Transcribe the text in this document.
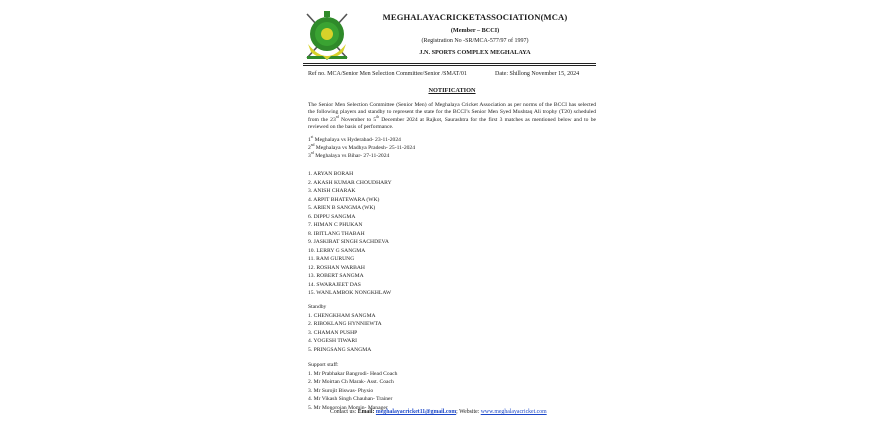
MEGHALAYACRICKETASSOCIATION(MCA)
(Member – BCCI)
(Registration No -SR/MCA-577/97 of 1997)
J.N. SPORTS COMPLEX MEGHALAYA
Ref no. MCA/Senior Men Selection Committee/Senior /SMAT/01	Date: Shillong November 15, 2024
NOTIFICATION
The Senior Men Selection Committee (Senior Men) of Meghalaya Cricket Association as per norms of the BCCI has selected the following players and standby to represent the state for the BCCI’s Senior Men Syed Mushtaq Ali trophy (T20) scheduled from the 23rd November to 5th December 2024 at Rajkot, Saurashtra for the first 3 matches as mentioned below and to be reviewed on the basis of performance.
1st Meghalaya vs Hyderabad- 23-11-2024
2nd Meghalaya vs Madhya Pradesh- 25-11-2024
3rd Meghalaya vs Bihar- 27-11-2024
1. ARYAN BORAH
2. AKASH KUMAR CHOUDHARY
3. ANISH CHARAK
4. ARPIT BHATEWARA (WK)
5. ARIEN B SANGMA (WK)
6. DIPPU SANGMA
7. HIMAN C PHUKAN
8. IBITLANG THABAH
9. JASKIRAT SINGH SACHDEVA
10. LERRY G SANGMA
11. RAM GURUNG
12. ROSHAN WARBAH
13. ROBERT SANGMA
14. SWARAJEET DAS
15. WANLAMBOK NONGKHLAW
Standby
1. CHENGKHAM SANGMA
2. RIBOKLANG HYNNIEWTA
3. CHAMAN PUSHP
4. YOGESH TIWARI
5. PRINGSANG SANGMA
Support staff:
1. Mr Prabhakar Bangrodi- Head Coach
2. Mr Moirtan Ch Marak- Asst. Coach
3. Mr Surojit Biswas- Physio
4. Mr Vikash Singh Chauhan- Trainer
5. Mr Monorojan Momin- Manager
Contact us: Email: meghalayacricket11@gmail.com; Website: www.meghalayacricket.com
